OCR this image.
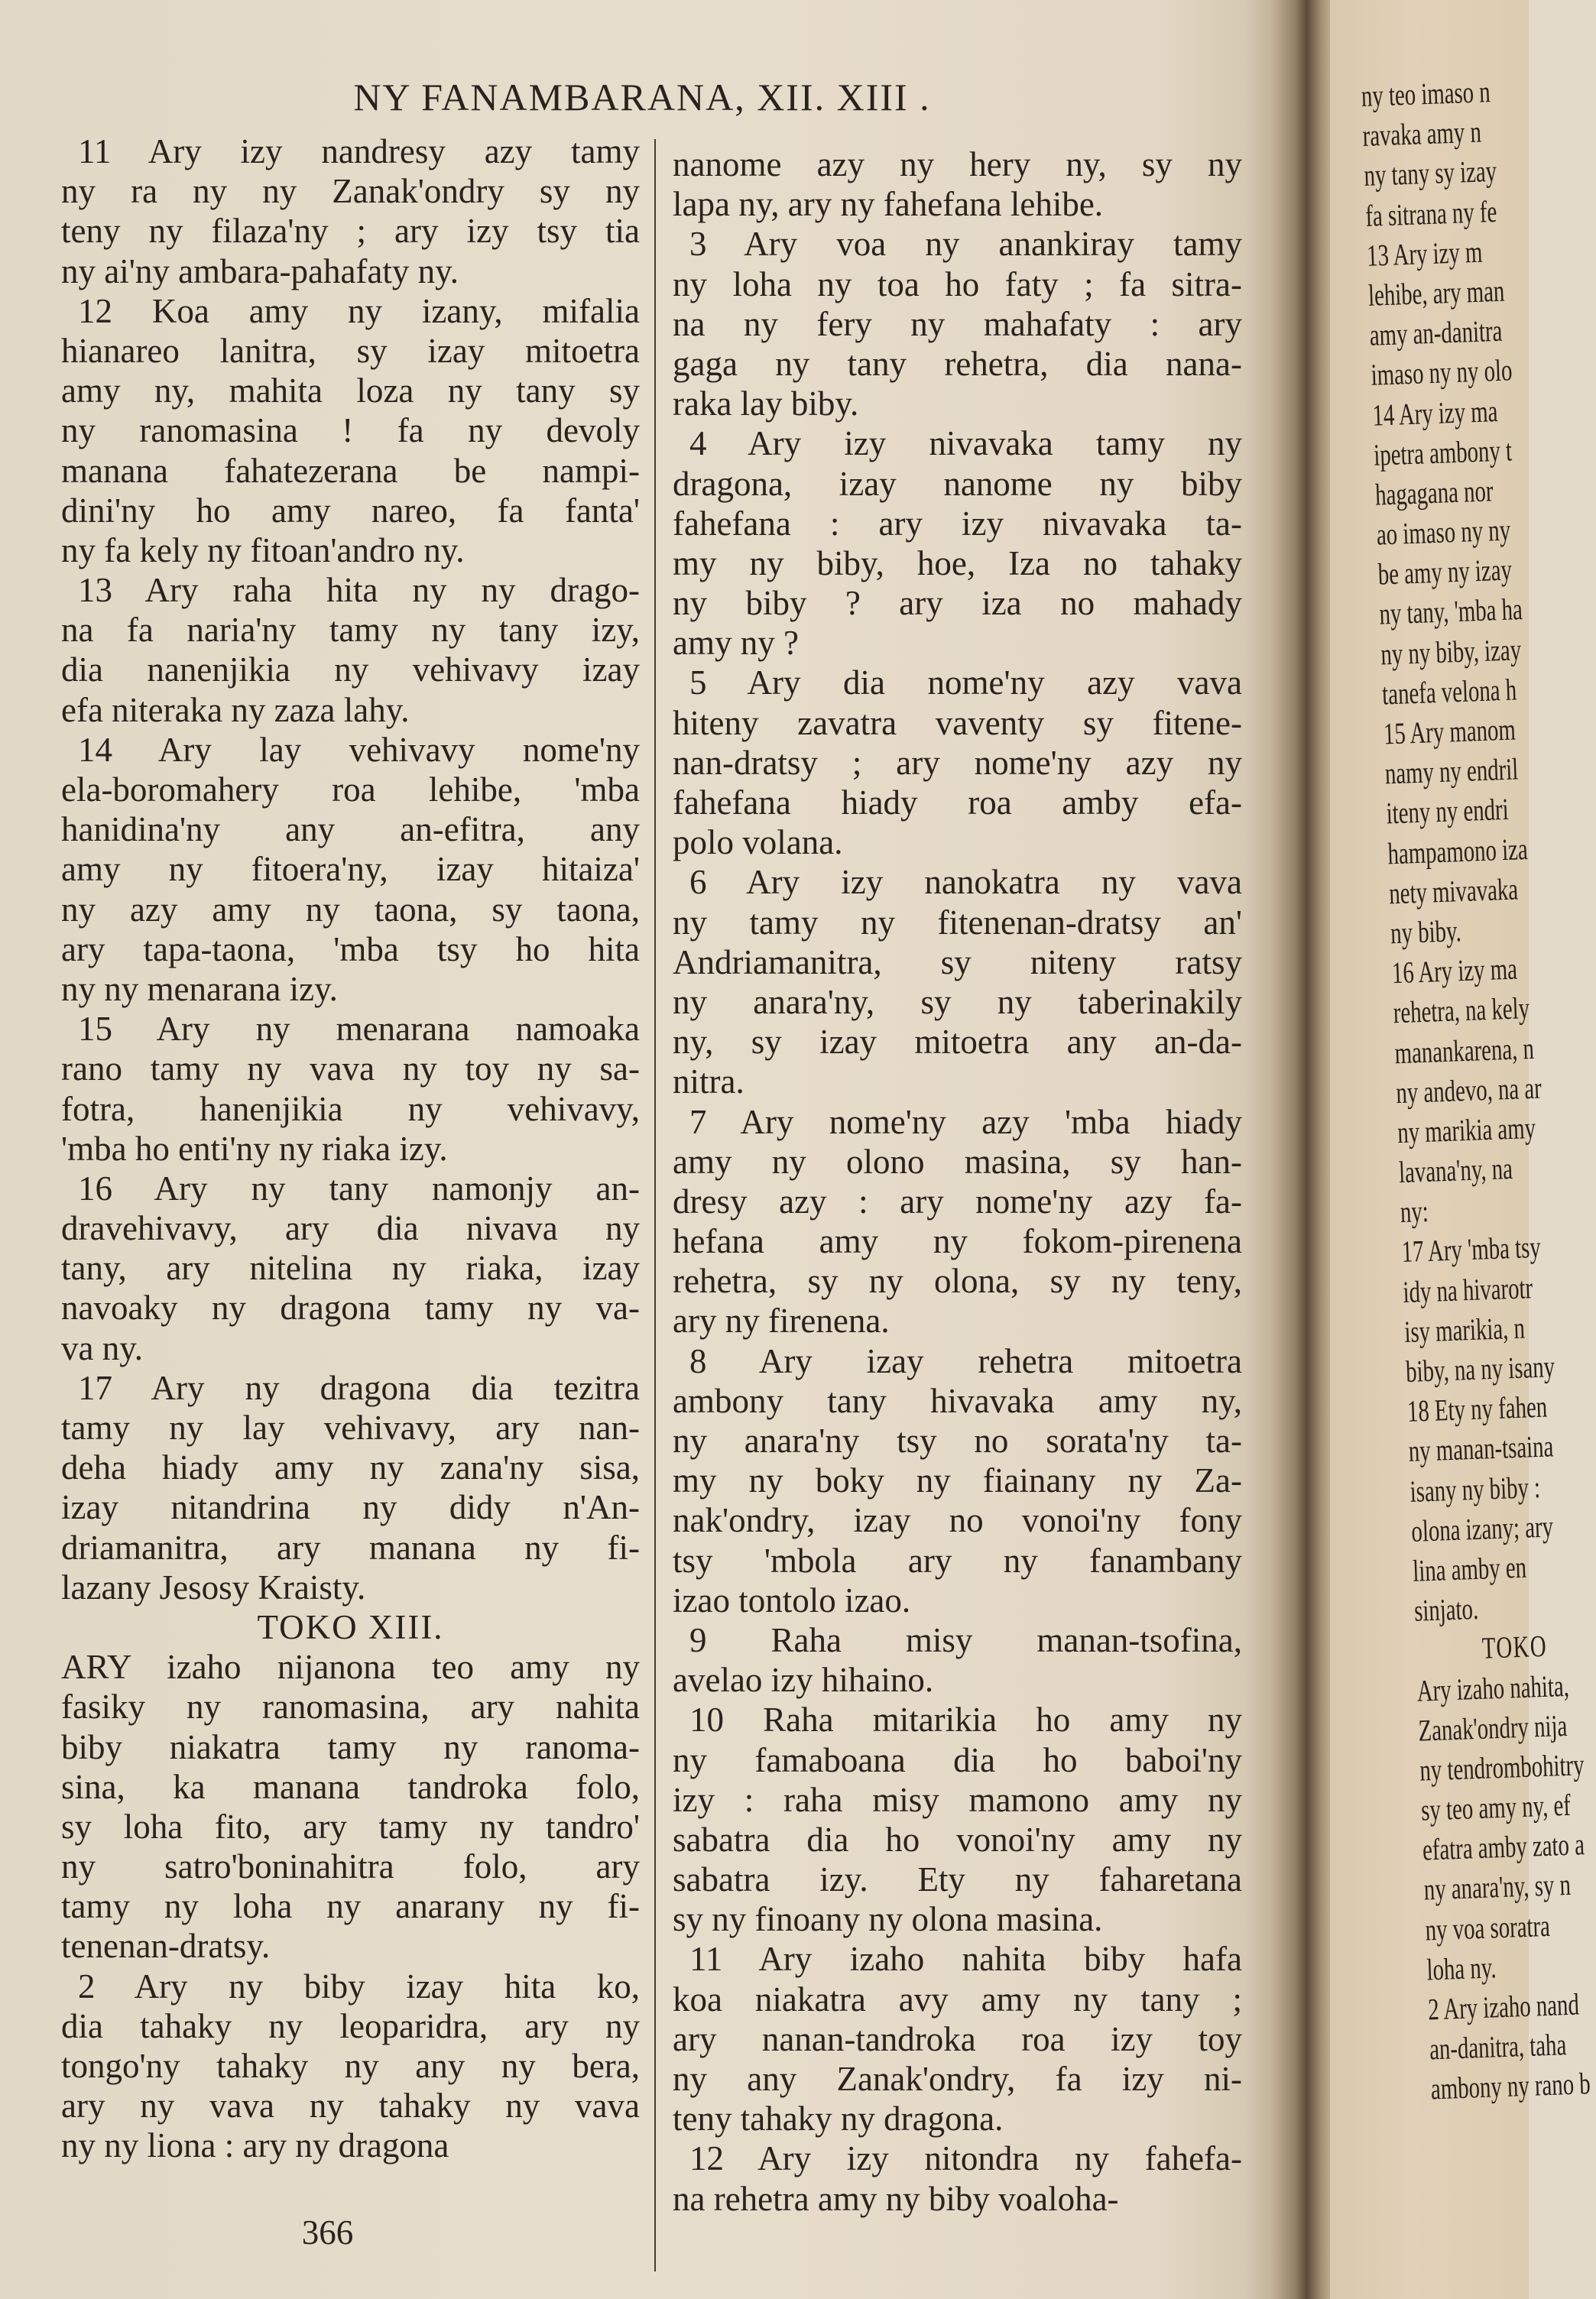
NY FANAMBARANA, XII. XIII .
11 Ary izy nandresy azy tamy
ny ra ny ny Zanak'ondry sy ny
teny ny filaza'ny ; ary izy tsy tia
ny ai'ny ambara-pahafaty ny.
12 Koa amy ny izany, mifalia
hianareo lanitra, sy izay mitoetra
amy ny, mahita loza ny tany sy
ny ranomasina ! fa ny devoly
manana fahatezerana be nampi-
dini'ny ho amy nareo, fa fanta'
ny fa kely ny fitoan'andro ny.
13 Ary raha hita ny ny drago-
na fa naria'ny tamy ny tany izy,
dia nanenjikia ny vehivavy izay
efa niteraka ny zaza lahy.
14 Ary lay vehivavy nome'ny
ela-boromahery roa lehibe, 'mba
hanidina'ny any an-efitra, any
amy ny fitoera'ny, izay hitaiza'
ny azy amy ny taona, sy taona,
ary tapa-taona, 'mba tsy ho hita
ny ny menarana izy.
15 Ary ny menarana namoaka
rano tamy ny vava ny toy ny sa-
fotra, hanenjikia ny vehivavy,
'mba ho enti'ny ny riaka izy.
16 Ary ny tany namonjy an-
dravehivavy, ary dia nivava ny
tany, ary nitelina ny riaka, izay
navoaky ny dragona tamy ny va-
va ny.
17 Ary ny dragona dia tezitra
tamy ny lay vehivavy, ary nan-
deha hiady amy ny zana'ny sisa,
izay nitandrina ny didy n'An-
driamanitra, ary manana ny fi-
lazany Jesosy Kraisty.
TOKO XIII.
ARY izaho nijanona teo amy ny
fasiky ny ranomasina, ary nahita
biby niakatra tamy ny ranoma-
sina, ka manana tandroka folo,
sy loha fito, ary tamy ny tandro'
ny satro'boninahitra folo, ary
tamy ny loha ny anarany ny fi-
tenenan-dratsy.
2 Ary ny biby izay hita ko,
dia tahaky ny leoparidra, ary ny
tongo'ny tahaky ny any ny bera,
ary ny vava ny tahaky ny vava
ny ny liona : ary ny dragona
nanome azy ny hery ny, sy ny
lapa ny, ary ny fahefana lehibe.
3 Ary voa ny anankiray tamy
ny loha ny toa ho faty ; fa sitra-
na ny fery ny mahafaty : ary
gaga ny tany rehetra, dia nana-
raka lay biby.
4 Ary izy nivavaka tamy ny
dragona, izay nanome ny biby
fahefana : ary izy nivavaka ta-
my ny biby, hoe, Iza no tahaky
ny biby ? ary iza no mahady
amy ny ?
5 Ary dia nome'ny azy vava
hiteny zavatra vaventy sy fitene-
nan-dratsy ; ary nome'ny azy ny
fahefana hiady roa amby efa-
polo volana.
6 Ary izy nanokatra ny vava
ny tamy ny fitenenan-dratsy an'
Andriamanitra, sy niteny ratsy
ny anara'ny, sy ny taberinakily
ny, sy izay mitoetra any an-da-
nitra.
7 Ary nome'ny azy 'mba hiady
amy ny olono masina, sy han-
dresy azy : ary nome'ny azy fa-
hefana amy ny fokom-pirenena
rehetra, sy ny olona, sy ny teny,
ary ny firenena.
8 Ary izay rehetra mitoetra
ambony tany hivavaka amy ny,
ny anara'ny tsy no sorata'ny ta-
my ny boky ny fiainany ny Za-
nak'ondry, izay no vonoi'ny fony
tsy 'mbola ary ny fanambany
izao tontolo izao.
9 Raha misy manan-tsofina,
avelao izy hihaino.
10 Raha mitarikia ho amy ny
ny famaboana dia ho baboi'ny
izy : raha misy mamono amy ny
sabatra dia ho vonoi'ny amy ny
sabatra izy. Ety ny faharetana
sy ny finoany ny olona masina.
11 Ary izaho nahita biby hafa
koa niakatra avy amy ny tany ;
ary nanan-tandroka roa izy toy
ny any Zanak'ondry, fa izy ni-
teny tahaky ny dragona.
12 Ary izy nitondra ny fahefa-
na rehetra amy ny biby voaloha-
366
ny teo imaso n
ravaka amy n
ny tany sy izay
fa sitrana ny fe
13 Ary izy m
lehibe, ary man
amy an-danitra
imaso ny ny olo
14 Ary izy ma
ipetra ambony t
hagagana nor
ao imaso ny ny
be amy ny izay
ny tany, 'mba ha
ny ny biby, izay
tanefa velona h
15 Ary manom
namy ny endril
iteny ny endri
hampamono iza
nety mivavaka
ny biby.
16 Ary izy ma
rehetra, na kely
manankarena, n
ny andevo, na ar
ny marikia amy
lavana'ny, na
ny:
17 Ary 'mba tsy
idy na hivarotr
isy marikia, n
biby, na ny isany
18 Ety ny fahen
ny manan-tsaina
isany ny biby :
olona izany; ary
lina amby en
sinjato.
TOKO
Ary izaho nahita,
Zanak'ondry nija
ny tendrombohitry
sy teo amy ny, ef
efatra amby zato a
ny anara'ny, sy n
ny voa soratra
loha ny.
2 Ary izaho nand
an-danitra, taha
ambony ny rano b
